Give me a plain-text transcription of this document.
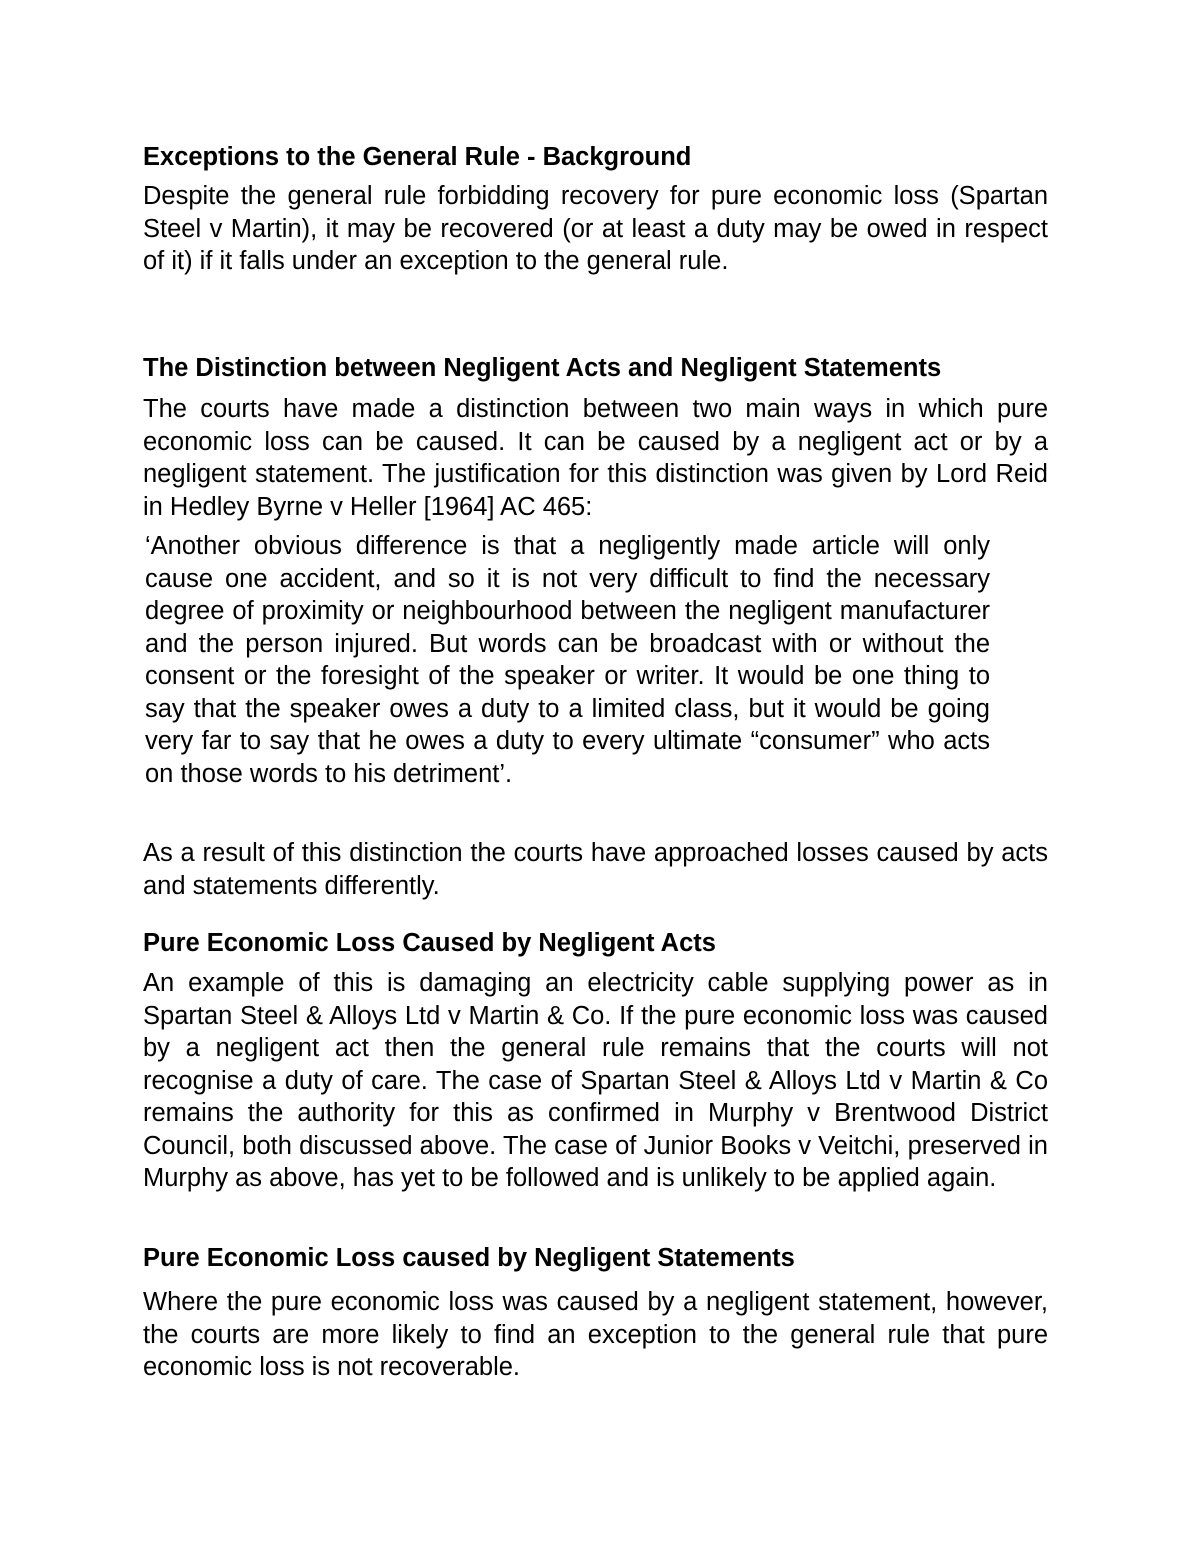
Exceptions to the General Rule - Background

Despite the general rule forbidding recovery for pure economic loss (Spartan Steel v Martin), it may be recovered (or at least a duty may be owed in respect of it) if it falls under an exception to the general rule.

The Distinction between Negligent Acts and Negligent Statements

The courts have made a distinction between two main ways in which pure economic loss can be caused. It can be caused by a negligent act or by a negligent statement. The justification for this distinction was given by Lord Reid in Hedley Byrne v Heller [1964] AC 465:

‘Another obvious difference is that a negligently made article will only cause one accident, and so it is not very difficult to find the necessary degree of proximity or neighbourhood between the negligent manufacturer and the person injured. But words can be broadcast with or without the consent or the foresight of the speaker or writer. It would be one thing to say that the speaker owes a duty to a limited class, but it would be going very far to say that he owes a duty to every ultimate “consumer” who acts on those words to his detriment’.

As a result of this distinction the courts have approached losses caused by acts and statements differently.

Pure Economic Loss Caused by Negligent Acts

An example of this is damaging an electricity cable supplying power as in Spartan Steel & Alloys Ltd v Martin & Co. If the pure economic loss was caused by a negligent act then the general rule remains that the courts will not recognise a duty of care. The case of Spartan Steel & Alloys Ltd v Martin & Co remains the authority for this as confirmed in Murphy v Brentwood District Council, both discussed above. The case of Junior Books v Veitchi, preserved in Murphy as above, has yet to be followed and is unlikely to be applied again.

Pure Economic Loss caused by Negligent Statements

Where the pure economic loss was caused by a negligent statement, however, the courts are more likely to find an exception to the general rule that pure economic loss is not recoverable.
